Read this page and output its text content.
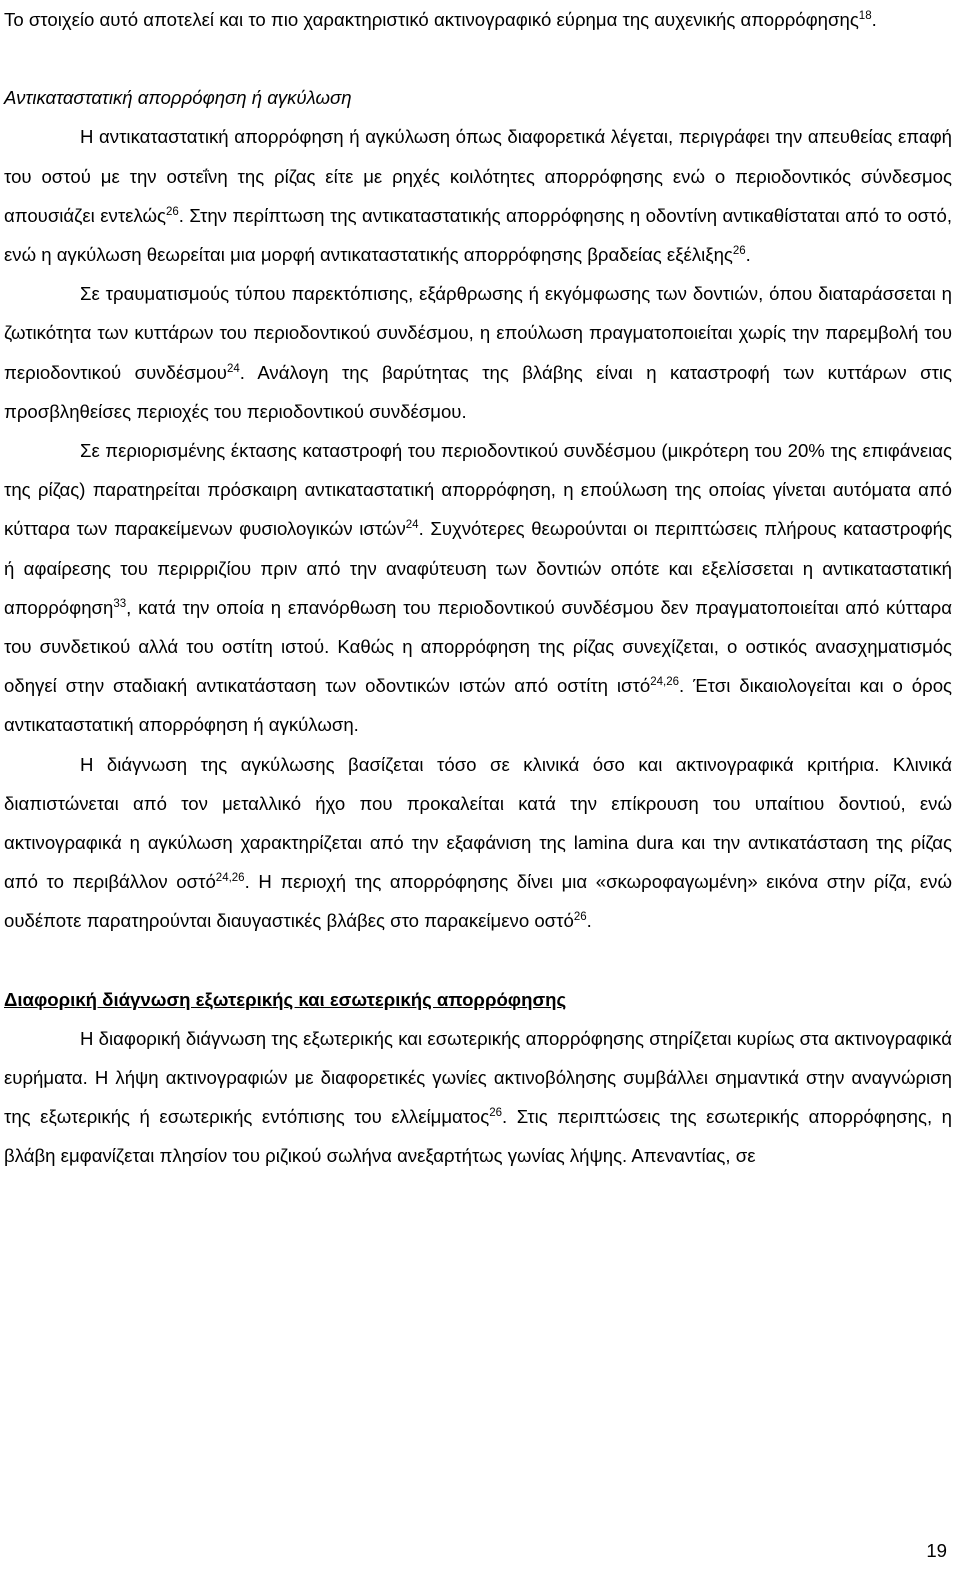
Το στοιχείο αυτό αποτελεί και το πιο χαρακτηριστικό ακτινογραφικό εύρημα της αυχενικής απορρόφησης$^{18}$.

Αντικαταστατική απορρόφηση ή αγκύλωση

Η αντικαταστατική απορρόφηση ή αγκύλωση όπως διαφορετικά λέγεται, περιγράφει την απευθείας επαφή του οστού με την οστεΐνη της ρίζας είτε με ρηχές κοιλότητες απορρόφησης ενώ ο περιοδοντικός σύνδεσμος απουσιάζει εντελώς$^{26}$. Στην περίπτωση της αντικαταστατικής απορρόφησης η οδοντίνη αντικαθίσταται από το οστό, ενώ η αγκύλωση θεωρείται μια μορφή αντικαταστατικής απορρόφησης βραδείας εξέλιξης$^{26}$.

Σε τραυματισμούς τύπου παρεκτόπισης, εξάρθρωσης ή εκγόμφωσης των δοντιών, όπου διαταράσσεται η ζωτικότητα των κυττάρων του περιοδοντικού συνδέσμου, η επούλωση πραγματοποιείται χωρίς την παρεμβολή του περιοδοντικού συνδέσμου$^{24}$. Ανάλογη της βαρύτητας της βλάβης είναι η καταστροφή των κυττάρων στις προσβληθείσες περιοχές του περιοδοντικού συνδέσμου.

Σε περιορισμένης έκτασης καταστροφή του περιοδοντικού συνδέσμου (μικρότερη του 20% της επιφάνειας της ρίζας) παρατηρείται πρόσκαιρη αντικαταστατική απορρόφηση, η επούλωση της οποίας γίνεται αυτόματα από κύτταρα των παρακείμενων φυσιολογικών ιστών$^{24}$. Συχνότερες θεωρούνται οι περιπτώσεις πλήρους καταστροφής ή αφαίρεσης του περιρριζίου πριν από την αναφύτευση των δοντιών οπότε και εξελίσσεται η αντικαταστατική απορρόφηση$^{33}$, κατά την οποία η επανόρθωση του περιοδοντικού συνδέσμου δεν πραγματοποιείται από κύτταρα του συνδετικού αλλά του οστίτη ιστού. Καθώς η απορρόφηση της ρίζας συνεχίζεται, ο οστικός ανασχηματισμός οδηγεί στην σταδιακή αντικατάσταση των οδοντικών ιστών από οστίτη ιστό$^{24,26}$. Έτσι δικαιολογείται και ο όρος αντικαταστατική απορρόφηση ή αγκύλωση.

Η διάγνωση της αγκύλωσης βασίζεται τόσο σε κλινικά όσο και ακτινογραφικά κριτήρια. Κλινικά διαπιστώνεται από τον μεταλλικό ήχο που προκαλείται κατά την επίκρουση του υπαίτιου δοντιού, ενώ ακτινογραφικά η αγκύλωση χαρακτηρίζεται από την εξαφάνιση της lamina dura και την αντικατάσταση της ρίζας από το περιβάλλον οστό$^{24,26}$. Η περιοχή της απορρόφησης δίνει μια «σκωροφαγωμένη» εικόνα στην ρίζα, ενώ ουδέποτε παρατηρούνται διαυγαστικές βλάβες στο παρακείμενο οστό$^{26}$.

Διαφορική διάγνωση εξωτερικής και εσωτερικής απορρόφησης

Η διαφορική διάγνωση της εξωτερικής και εσωτερικής απορρόφησης στηρίζεται κυρίως στα ακτινογραφικά ευρήματα. Η λήψη ακτινογραφιών με διαφορετικές γωνίες ακτινοβόλησης συμβάλλει σημαντικά στην αναγνώριση της εξωτερικής ή εσωτερικής εντόπισης του ελλείμματος$^{26}$. Στις περιπτώσεις της εσωτερικής απορρόφησης, η βλάβη εμφανίζεται πλησίον του ριζικού σωλήνα ανεξαρτήτως γωνίας λήψης. Απεναντίας, σε

19
